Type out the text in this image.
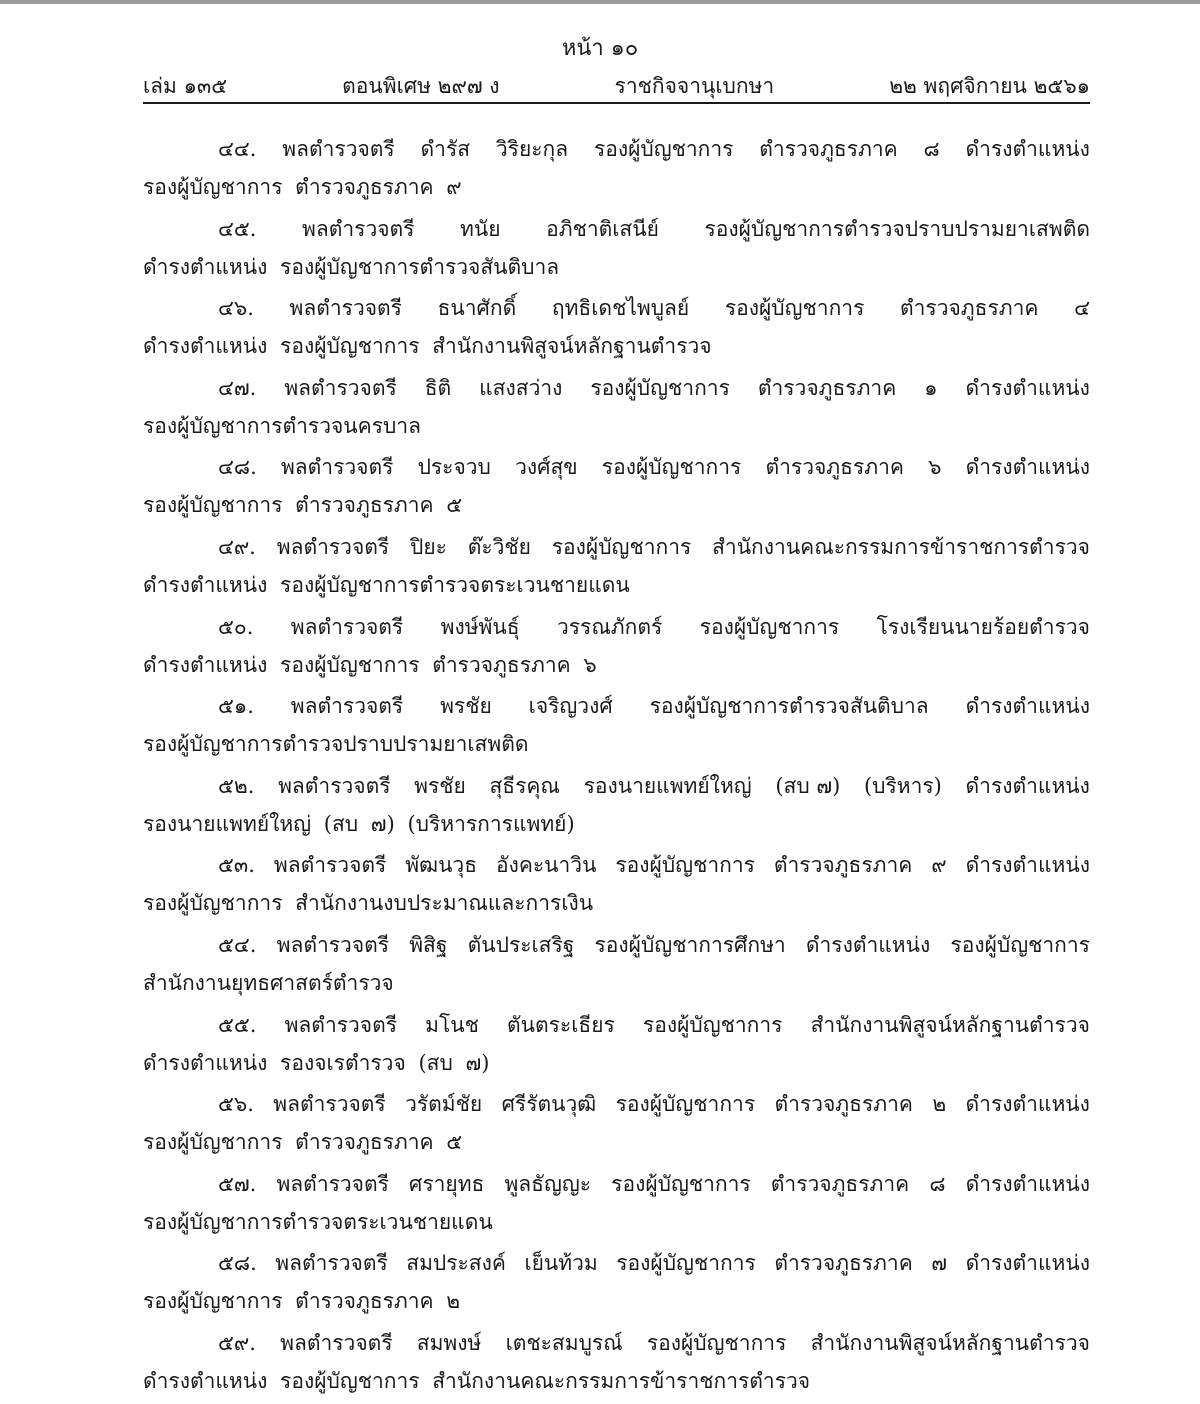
หน้า ๑๐
เล่ม ๑๓๕	ตอนพิเศษ ๒๙๗ ง	ราชกิจจานุเบกษา	๒๒ พฤศจิกายน ๒๕๖๑
๔๔. พลตำรวจตรี ดำรัส วิริยะกุล รองผู้บัญชาการ ตำรวจภูธรภาค ๘ ดำรงตำแหน่ง
รองผู้บัญชาการ ตำรวจภูธรภาค ๙
๔๕. พลตำรวจตรี ทนัย อภิชาติเสนีย์ รองผู้บัญชาการตำรวจปราบปรามยาเสพติด
ดำรงตำแหน่ง รองผู้บัญชาการตำรวจสันติบาล
๔๖. พลตำรวจตรี ธนาศักดิ์ ฤทธิเดชไพบูลย์ รองผู้บัญชาการ ตำรวจภูธรภาค ๔
ดำรงตำแหน่ง รองผู้บัญชาการ สำนักงานพิสูจน์หลักฐานตำรวจ
๔๗. พลตำรวจตรี ธิติ แสงสว่าง รองผู้บัญชาการ ตำรวจภูธรภาค ๑ ดำรงตำแหน่ง
รองผู้บัญชาการตำรวจนครบาล
๔๘. พลตำรวจตรี ประจวบ วงศ์สุข รองผู้บัญชาการ ตำรวจภูธรภาค ๖ ดำรงตำแหน่ง
รองผู้บัญชาการ ตำรวจภูธรภาค ๕
๔๙. พลตำรวจตรี ปิยะ ต๊ะวิชัย รองผู้บัญชาการ สำนักงานคณะกรรมการข้าราชการตำรวจ
ดำรงตำแหน่ง รองผู้บัญชาการตำรวจตระเวนชายแดน
๕๐. พลตำรวจตรี พงษ์พันธุ์ วรรณภักตร์ รองผู้บัญชาการ โรงเรียนนายร้อยตำรวจ
ดำรงตำแหน่ง รองผู้บัญชาการ ตำรวจภูธรภาค ๖
๕๑. พลตำรวจตรี พรชัย เจริญวงศ์ รองผู้บัญชาการตำรวจสันติบาล ดำรงตำแหน่ง
รองผู้บัญชาการตำรวจปราบปรามยาเสพติด
๕๒. พลตำรวจตรี พรชัย สุธีรคุณ รองนายแพทย์ใหญ่ (สบ ๗) (บริหาร) ดำรงตำแหน่ง
รองนายแพทย์ใหญ่ (สบ ๗) (บริหารการแพทย์)
๕๓. พลตำรวจตรี พัฒนวุธ อังคะนาวิน รองผู้บัญชาการ ตำรวจภูธรภาค ๙ ดำรงตำแหน่ง
รองผู้บัญชาการ สำนักงานงบประมาณและการเงิน
๕๔. พลตำรวจตรี พิสิฐ ตันประเสริฐ รองผู้บัญชาการศึกษา ดำรงตำแหน่ง รองผู้บัญชาการ
สำนักงานยุทธศาสตร์ตำรวจ
๕๕. พลตำรวจตรี มโนช ตันตระเธียร รองผู้บัญชาการ สำนักงานพิสูจน์หลักฐานตำรวจ
ดำรงตำแหน่ง รองจเรตำรวจ (สบ ๗)
๕๖. พลตำรวจตรี วรัตม์ชัย ศรีรัตนวุฒิ รองผู้บัญชาการ ตำรวจภูธรภาค ๒ ดำรงตำแหน่ง
รองผู้บัญชาการ ตำรวจภูธรภาค ๕
๕๗. พลตำรวจตรี ศรายุทธ พูลธัญญะ รองผู้บัญชาการ ตำรวจภูธรภาค ๘ ดำรงตำแหน่ง
รองผู้บัญชาการตำรวจตระเวนชายแดน
๕๘. พลตำรวจตรี สมประสงค์ เย็นท้วม รองผู้บัญชาการ ตำรวจภูธรภาค ๗ ดำรงตำแหน่ง
รองผู้บัญชาการ ตำรวจภูธรภาค ๒
๕๙. พลตำรวจตรี สมพงษ์ เตชะสมบูรณ์ รองผู้บัญชาการ สำนักงานพิสูจน์หลักฐานตำรวจ
ดำรงตำแหน่ง รองผู้บัญชาการ สำนักงานคณะกรรมการข้าราชการตำรวจ
